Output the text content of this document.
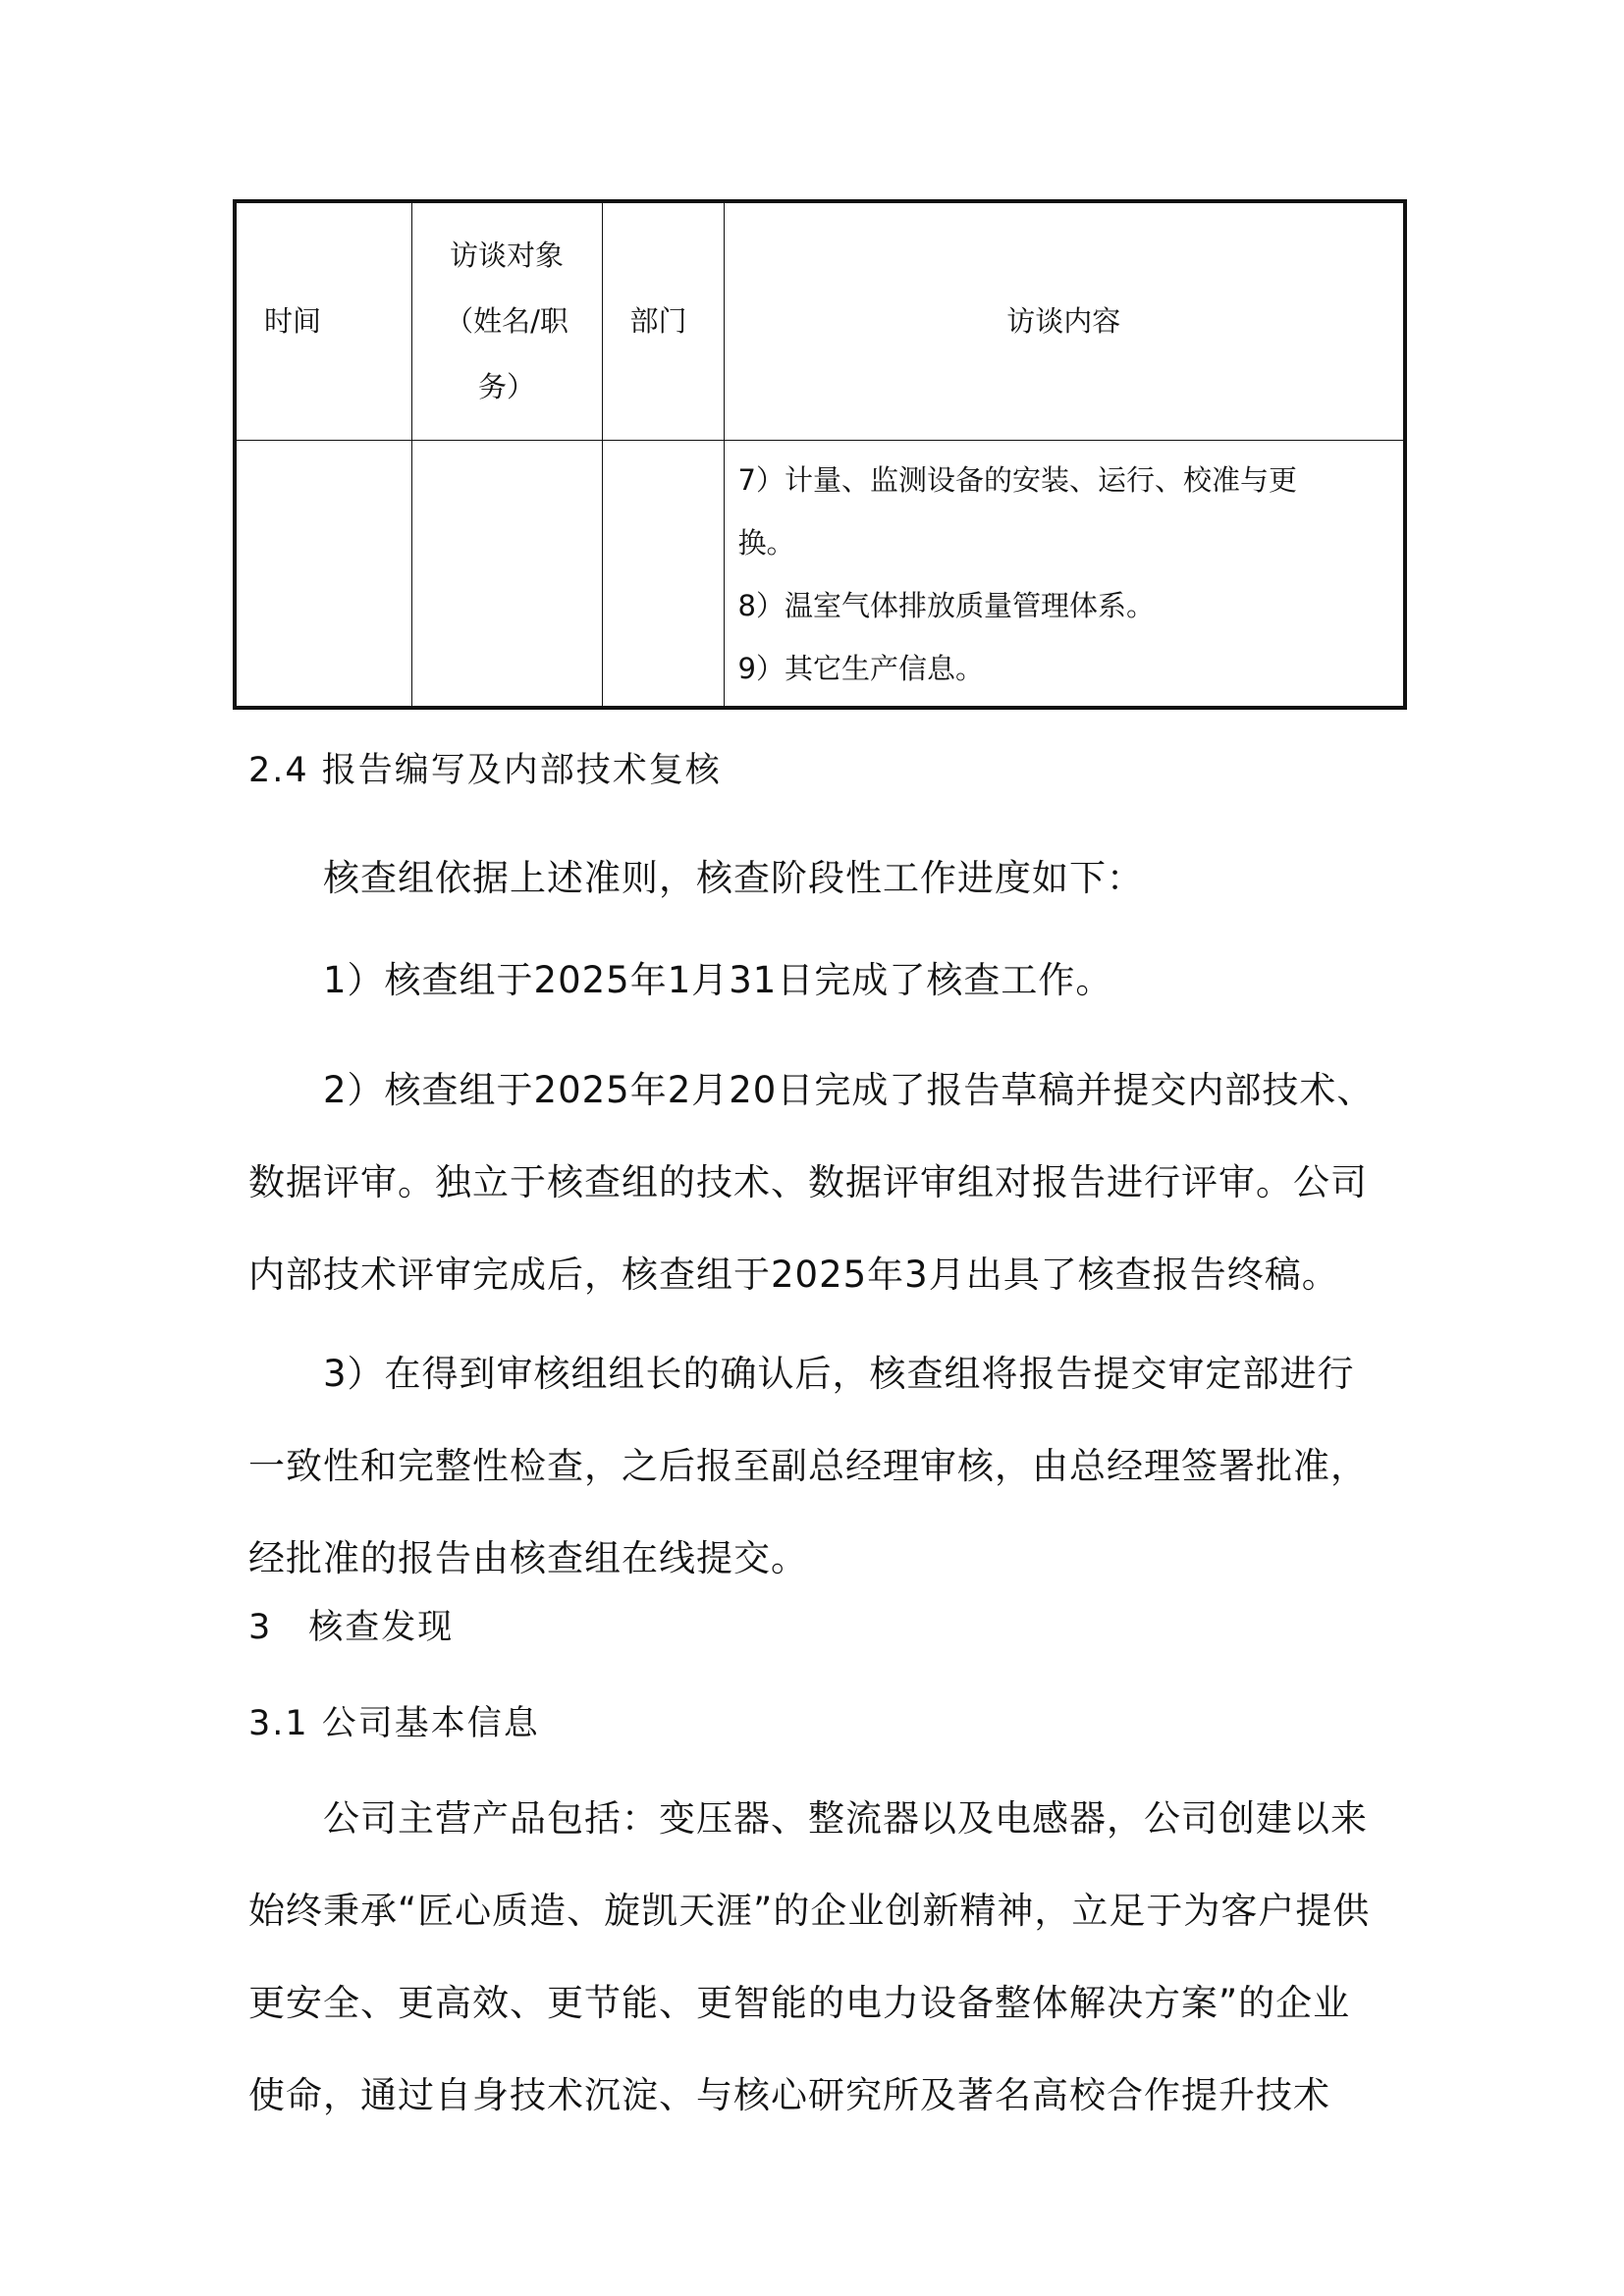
时间	访谈对象
（姓名/职
务）	部门	访谈内容

			7）计量、监测设备的安装、运行、校准与更

换。

8）温室气体排放质量管理体系。

9）其它生产信息。

2.4 报告编写及内部技术复核

核查组依据上述准则，核查阶段性工作进度如下：

1）核查组于2025年1月31日完成了核查工作。

2）核查组于2025年2月20日完成了报告草稿并提交内部技术、数据评审。独立于核查组的技术、数据评审组对报告进行评审。公司内部技术评审完成后，核查组于2025年3月出具了核查报告终稿。

3）在得到审核组组长的确认后，核查组将报告提交审定部进行一致性和完整性检查，之后报至副总经理审核，由总经理签署批准，经批准的报告由核查组在线提交。

3　核查发现

3.1 公司基本信息

公司主营产品包括：变压器、整流器以及电感器，公司创建以来始终秉承“匠心质造、旋凯天涯”的企业创新精神，立足于为客户提供更安全、更高效、更节能、更智能的电力设备整体解决方案”的企业使命，通过自身技术沉淀、与核心研究所及著名高校合作提升技术
